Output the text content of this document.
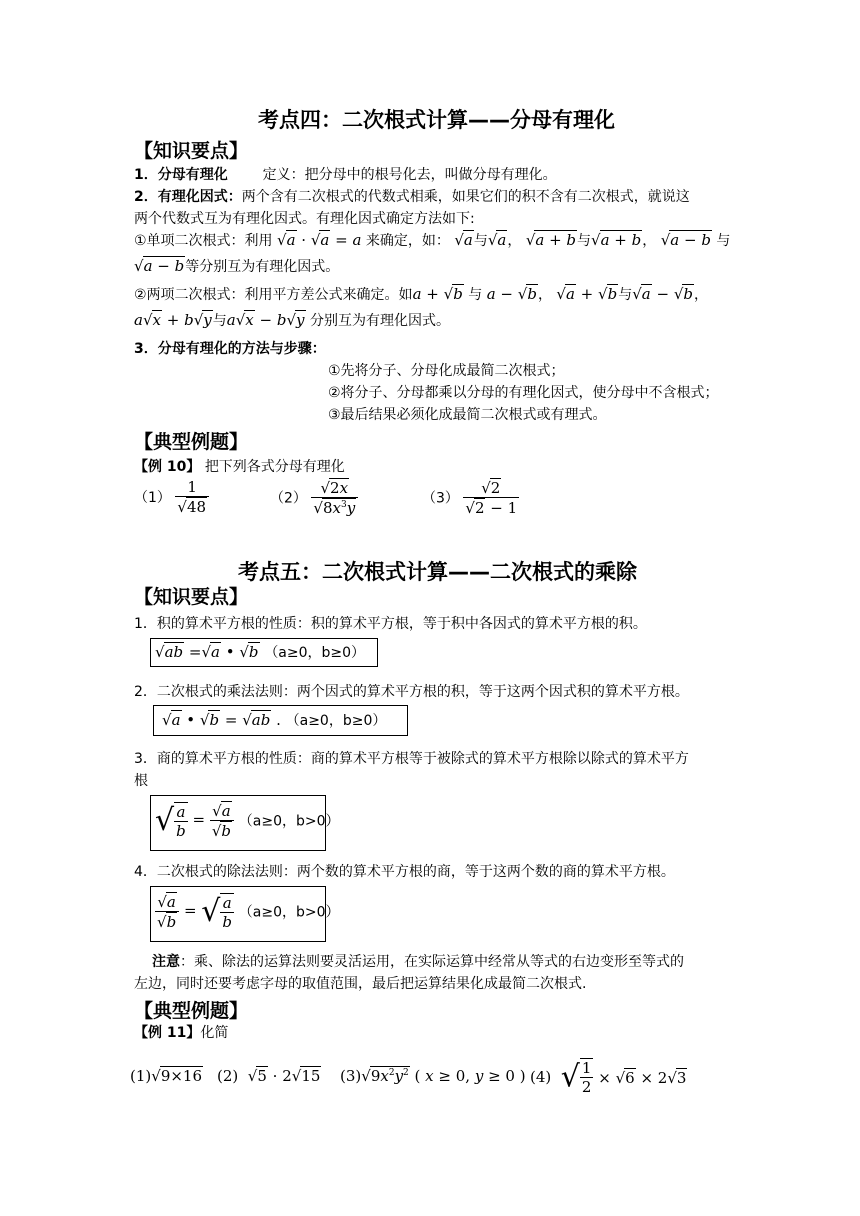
考点四：二次根式计算——分母有理化
【知识要点】
1．分母有理化 定义：把分母中的根号化去，叫做分母有理化。
2．有理化因式：两个含有二次根式的代数式相乘，如果它们的积不含有二次根式，就说这
两个代数式互为有理化因式。有理化因式确定方法如下:
①单项二次根式：利用 √a · √a = a 来确定，如： √a与√a， √a + b与√a + b， √a − b 与
√a − b等分别互为有理化因式。
②两项二次根式：利用平方差公式来确定。如a + √b 与 a − √b， √a + √b与√a − √b，
a√x + b√y与a√x − b√y 分别互为有理化因式。
3．分母有理化的方法与步骤：
①先将分子、分母化成最简二次根式；
②将分子、分母都乘以分母的有理化因式，使分母中不含根式；
③最后结果必须化成最简二次根式或有理式。
【典型例题】
【例 10】 把下列各式分母有理化
$(1) \frac{1}{√48}$	$(2) \frac{√2x}{√8x^3y}$	$(3) \frac{√2}{√2 - 1}$
考点五：二次根式计算——二次根式的乘除
【知识要点】
1．积的算术平方根的性质：积的算术平方根，等于积中各因式的算术平方根的积。
√ab =√a • √b （a≥0，b≥0）
2．二次根式的乘法法则：两个因式的算术平方根的积，等于这两个因式积的算术平方根。
√a • √b = √ab . （a≥0，b≥0）
3．商的算术平方根的性质：商的算术平方根等于被除式的算术平方根除以除式的算术平方
根
√ $\frac{a}{b} = \frac{√a}{√b} (a\ge 0$，b>0）
4．二次根式的除法法则：两个数的算术平方根的商，等于这两个数的商的算术平方根。
$\frac{√a}{√b}$ = √ $\frac{a}{b} (a\ge 0$，b>0）
注意：乘、除法的运算法则要灵活运用，在实际运算中经常从等式的右边变形至等式的
左边，同时还要考虑字母的取值范围，最后把运算结果化成最简二次根式.
【典型例题】
【例 11】化简
(1)√9×16 (2) √5 · 2√15 $(3)√9x^2y^2$ ( x ≥ 0, y ≥ 0 ) (4) √ $\frac{1}{2} \times √6 \times 2√3$
